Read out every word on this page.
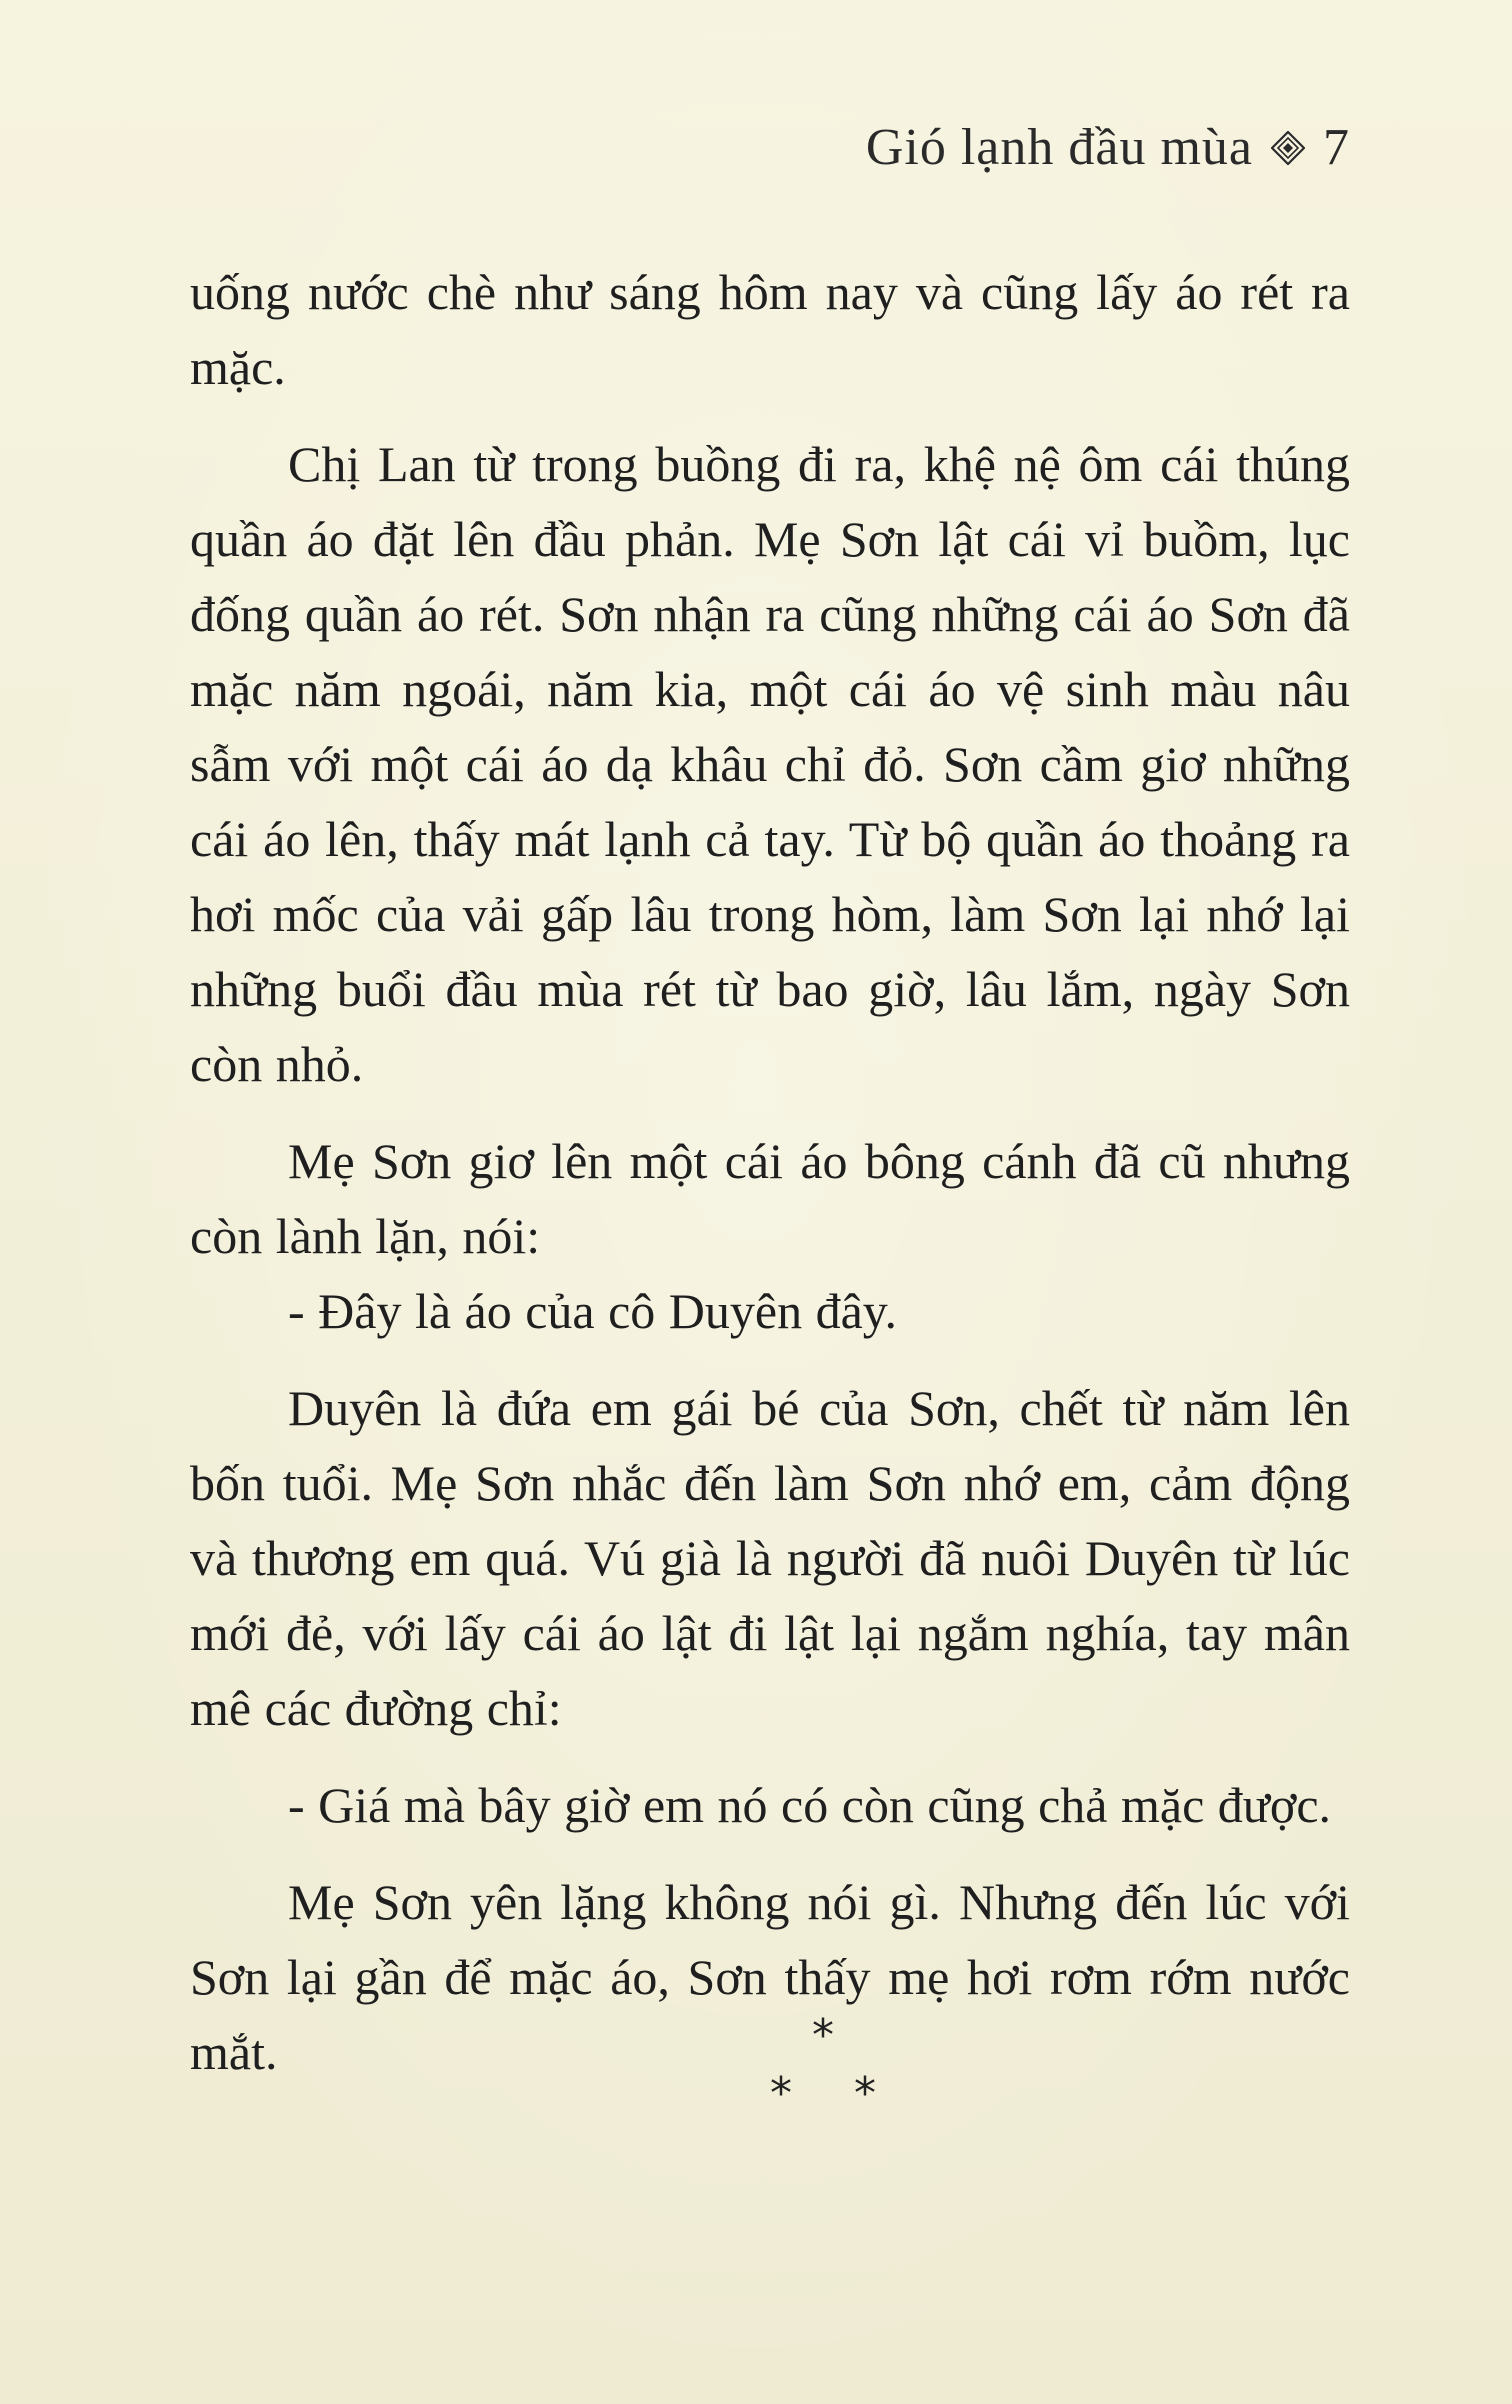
Gió lạnh đầu mùa 7

uống nước chè như sáng hôm nay và cũng lấy áo rét ra mặc.

Chị Lan từ trong buồng đi ra, khệ nệ ôm cái thúng quần áo đặt lên đầu phản. Mẹ Sơn lật cái vỉ buồm, lục đống quần áo rét. Sơn nhận ra cũng những cái áo Sơn đã mặc năm ngoái, năm kia, một cái áo vệ sinh màu nâu sẫm với một cái áo dạ khâu chỉ đỏ. Sơn cầm giơ những cái áo lên, thấy mát lạnh cả tay. Từ bộ quần áo thoảng ra hơi mốc của vải gấp lâu trong hòm, làm Sơn lại nhớ lại những buổi đầu mùa rét từ bao giờ, lâu lắm, ngày Sơn còn nhỏ.

Mẹ Sơn giơ lên một cái áo bông cánh đã cũ nhưng còn lành lặn, nói:

- Đây là áo của cô Duyên đây.

Duyên là đứa em gái bé của Sơn, chết từ năm lên bốn tuổi. Mẹ Sơn nhắc đến làm Sơn nhớ em, cảm động và thương em quá. Vú già là người đã nuôi Duyên từ lúc mới đẻ, với lấy cái áo lật đi lật lại ngắm nghía, tay mân mê các đường chỉ:

- Giá mà bây giờ em nó có còn cũng chả mặc được.

Mẹ Sơn yên lặng không nói gì. Nhưng đến lúc với Sơn lại gần để mặc áo, Sơn thấy mẹ hơi rơm rớm nước mắt.	*
* *
